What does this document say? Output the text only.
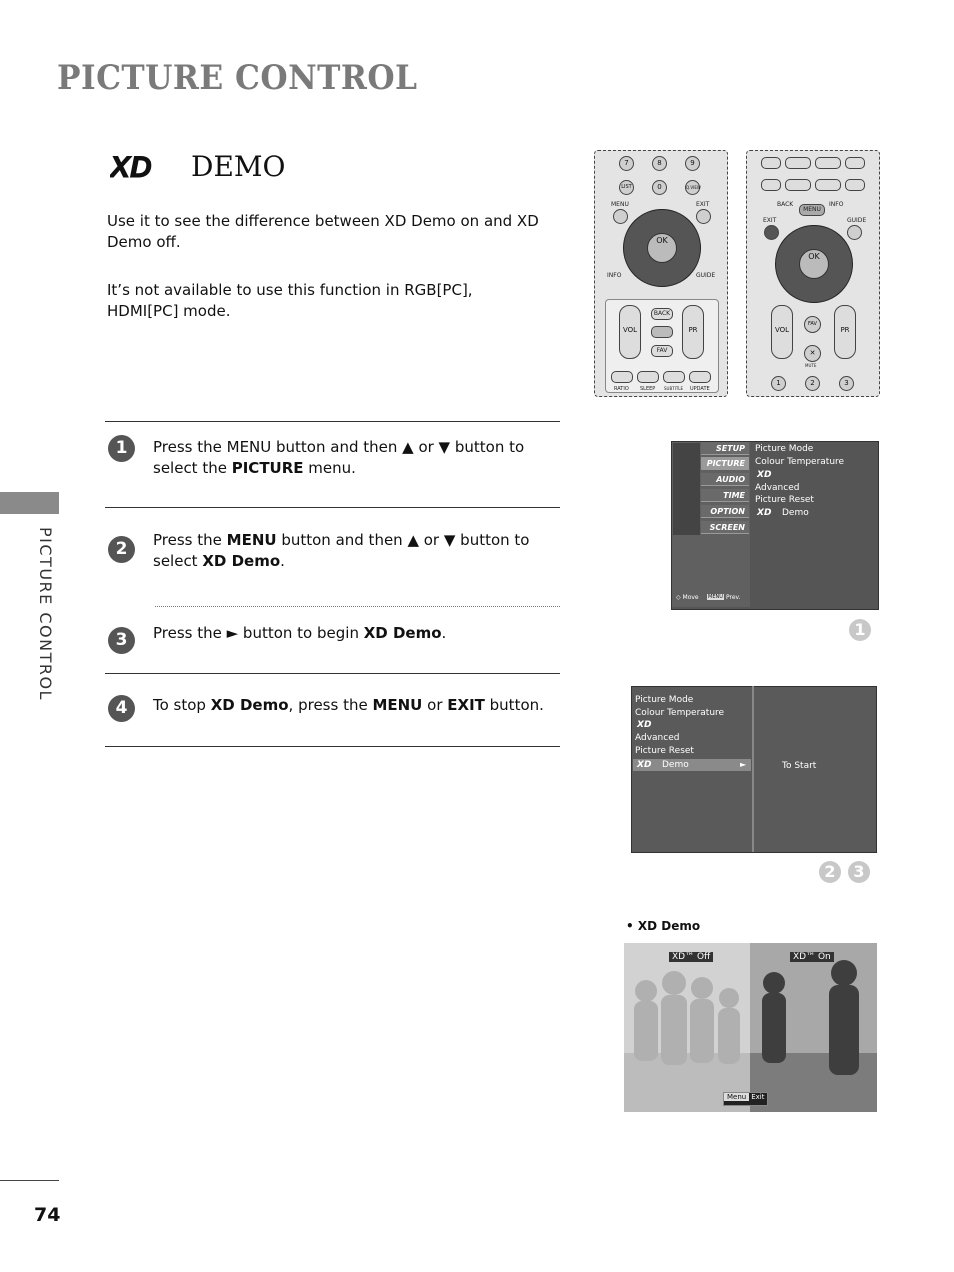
PICTURE CONTROL
PICTURE CONTROL
74
XD DEMO
Use it to see the difference between XD Demo on and XD Demo off.
It’s not available to use this function in RGB[PC], HDMI[PC] mode.
1	Press the MENU button and then ▲ or ▼ button to select the PICTURE menu.
2	Press the MENU button and then ▲ or ▼ button to select XD Demo.
3	Press the ► button to begin XD Demo.
4	To stop XD Demo, press the MENU or EXIT button.
7	8	9
LIST	0	Q.VIEW
MENU	EXIT
OK
INFO	GUIDE
VOL	PR
BACK
FAV
RATIO SLEEP SUBTITLE UPDATE
BACK	INFO
MENU
EXIT	GUIDE
OK
VOL	PR
FAV
✕
MUTE
1	2	3
SETUP
PICTURE
AUDIO
TIME
OPTION
SCREEN
Picture Mode
Colour Temperature
XD
Advanced
Picture Reset
XD Demo
◇ Move MENU Prev.
1
Picture Mode
Colour Temperature
XD
Advanced
Picture Reset
XD Demo	►	To Start
2	3
• XD Demo
XD™ Off	XD™ On
Menu Exit
